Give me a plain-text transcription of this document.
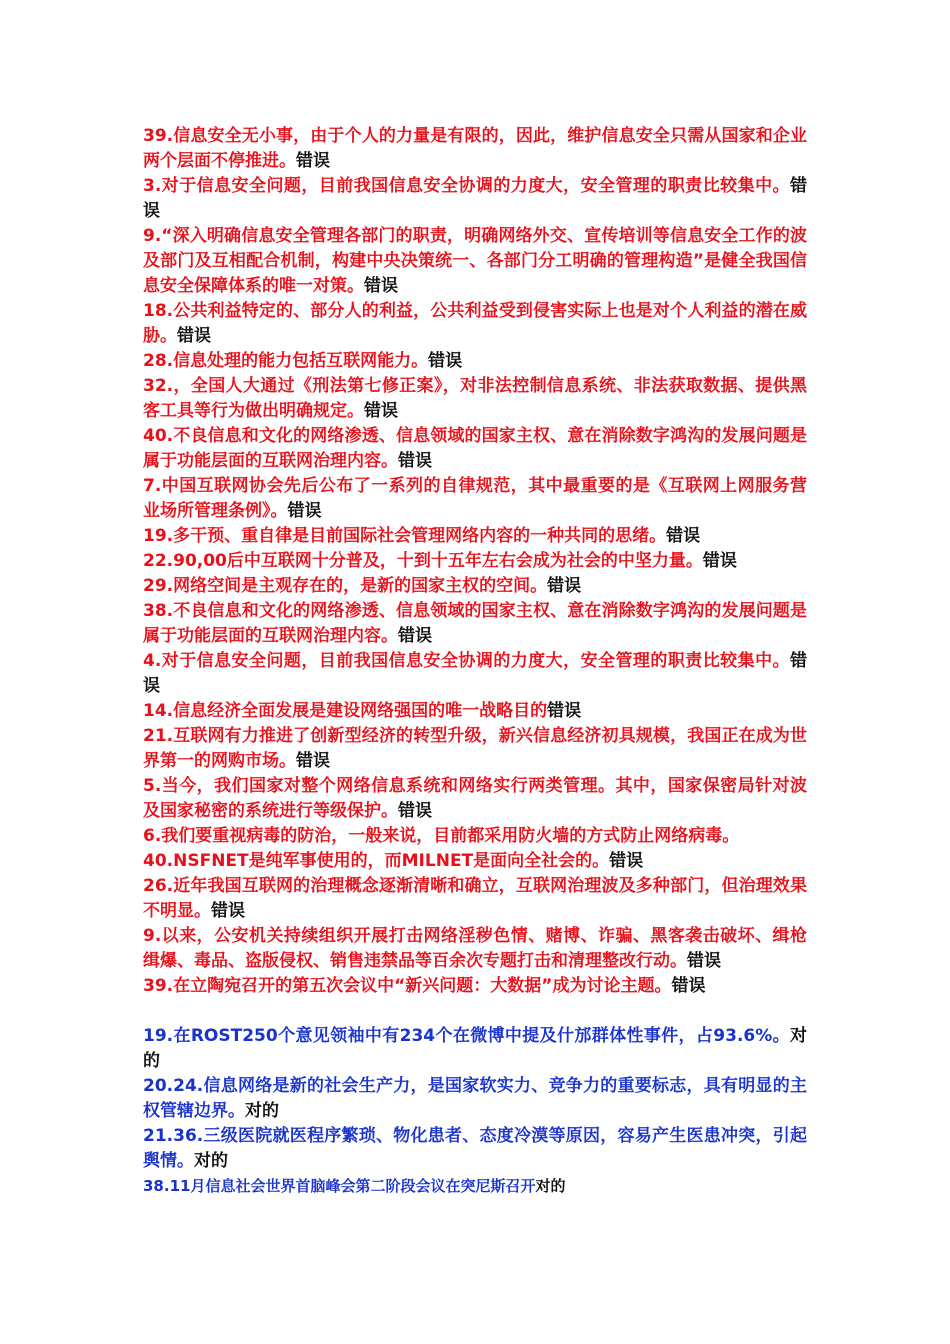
39.信息安全无小事，由于个人的力量是有限的，因此，维护信息安全只需从国家和企业两个层面不停推进。错误
3.对于信息安全问题，目前我国信息安全协调的力度大，安全管理的职责比较集中。错误
9.“深入明确信息安全管理各部门的职责，明确网络外交、宣传培训等信息安全工作的波及部门及互相配合机制，构建中央决策统一、各部门分工明确的管理构造”是健全我国信息安全保障体系的唯一对策。错误
18.公共利益特定的、部分人的利益，公共利益受到侵害实际上也是对个人利益的潜在威胁。错误
28.信息处理的能力包括互联网能力。错误
32.，全国人大通过《刑法第七修正案》，对非法控制信息系统、非法获取数据、提供黑客工具等行为做出明确规定。错误
40.不良信息和文化的网络渗透、信息领域的国家主权、意在消除数字鸿沟的发展问题是属于功能层面的互联网治理内容。错误
7.中国互联网协会先后公布了一系列的自律规范，其中最重要的是《互联网上网服务营业场所管理条例》。错误
19.多干预、重自律是目前国际社会管理网络内容的一种共同的思绪。错误
22.90,00后中互联网十分普及，十到十五年左右会成为社会的中坚力量。错误
29.网络空间是主观存在的，是新的国家主权的空间。错误
38.不良信息和文化的网络渗透、信息领域的国家主权、意在消除数字鸿沟的发展问题是属于功能层面的互联网治理内容。错误
4.对于信息安全问题，目前我国信息安全协调的力度大，安全管理的职责比较集中。错误
14.信息经济全面发展是建设网络强国的唯一战略目的错误
21.互联网有力推进了创新型经济的转型升级，新兴信息经济初具规模，我国正在成为世界第一的网购市场。错误
5.当今，我们国家对整个网络信息系统和网络实行两类管理。其中，国家保密局针对波及国家秘密的系统进行等级保护。错误
6.我们要重视病毒的防治，一般来说，目前都采用防火墙的方式防止网络病毒。
40.NSFNET是纯军事使用的，而MILNET是面向全社会的。错误
26.近年我国互联网的治理概念逐渐清晰和确立，互联网治理波及多种部门，但治理效果不明显。错误
9.以来，公安机关持续组织开展打击网络淫秽色情、赌博、诈骗、黑客袭击破坏、缉枪缉爆、毒品、盗版侵权、销售违禁品等百余次专题打击和清理整改行动。错误
39.在立陶宛召开的第五次会议中“新兴问题：大数据”成为讨论主题。错误
19.在ROST250个意见领袖中有234个在微博中提及什邡群体性事件，占93.6%。对的
20.24.信息网络是新的社会生产力，是国家软实力、竞争力的重要标志，具有明显的主权管辖边界。对的
21.36.三级医院就医程序繁琐、物化患者、态度冷漠等原因，容易产生医患冲突，引起舆情。对的
38.11月信息社会世界首脑峰会第二阶段会议在突尼斯召开对的
